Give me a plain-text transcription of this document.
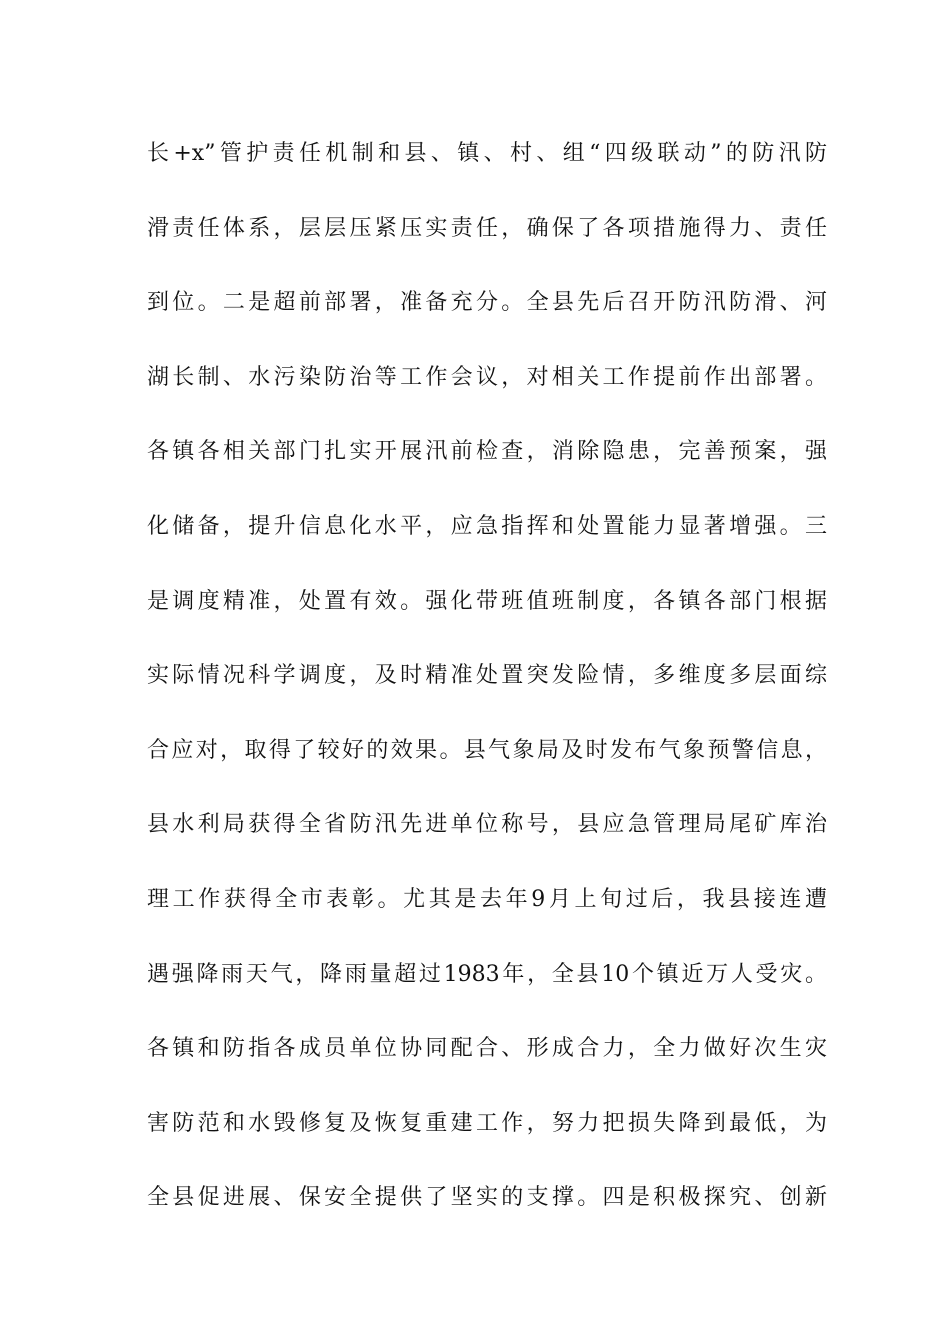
长+x”管护责任机制和县、镇、村、组“四级联动”的防汛防
滑责任体系，层层压紧压实责任，确保了各项措施得力、责任
到位。二是超前部署，准备充分。全县先后召开防汛防滑、河
湖长制、水污染防治等工作会议，对相关工作提前作出部署。
各镇各相关部门扎实开展汛前检查，消除隐患，完善预案，强
化储备，提升信息化水平，应急指挥和处置能力显著增强。三
是调度精准，处置有效。强化带班值班制度，各镇各部门根据
实际情况科学调度，及时精准处置突发险情，多维度多层面综
合应对，取得了较好的效果。县气象局及时发布气象预警信息，
县水利局获得全省防汛先进单位称号，县应急管理局尾矿库治
理工作获得全市表彰。尤其是去年9月上旬过后，我县接连遭
遇强降雨天气，降雨量超过1983年，全县10个镇近万人受灾。
各镇和防指各成员单位协同配合、形成合力，全力做好次生灾
害防范和水毁修复及恢复重建工作，努力把损失降到最低，为
全县促进展、保安全提供了坚实的支撑。四是积极探究、创新
